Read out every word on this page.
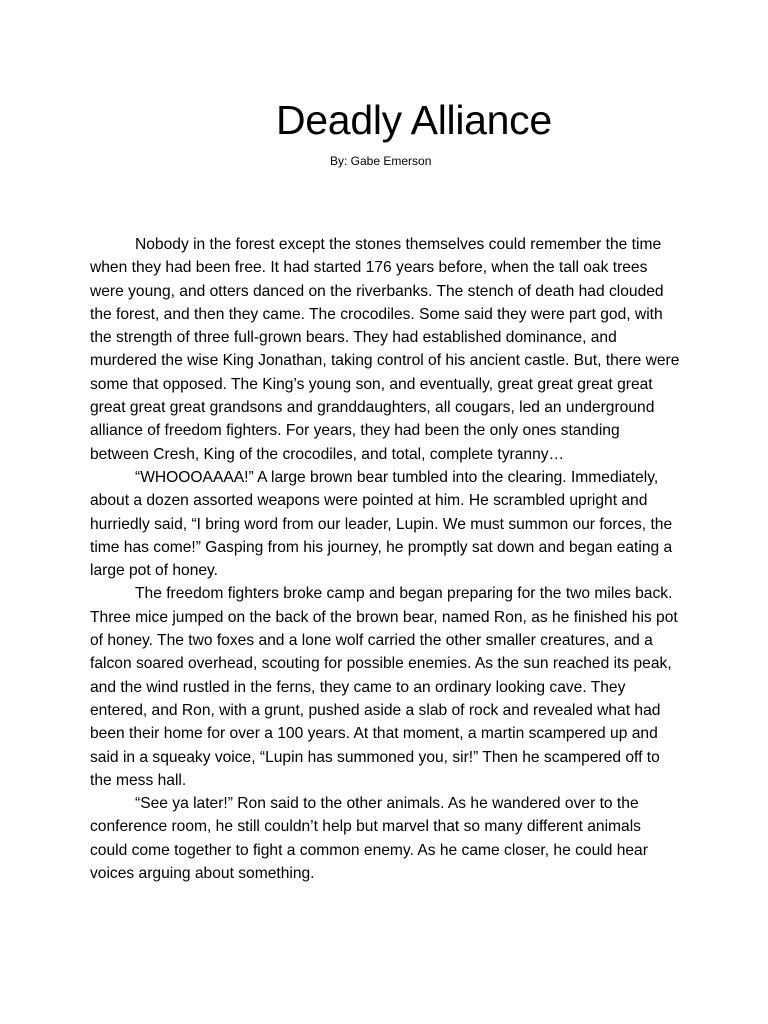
Deadly Alliance
By: Gabe Emerson

Nobody in the forest except the stones themselves could remember the time when they had been free. It had started 176 years before, when the tall oak trees were young, and otters danced on the riverbanks. The stench of death had clouded the forest, and then they came. The crocodiles. Some said they were part god, with the strength of three full-grown bears. They had established dominance, and murdered the wise King Jonathan, taking control of his ancient castle. But, there were some that opposed. The King’s young son, and eventually, great great great great great great great grandsons and granddaughters, all cougars, led an underground alliance of freedom fighters. For years, they had been the only ones standing between Cresh, King of the crocodiles, and total, complete tyranny…

“WHOOOAAAA!” A large brown bear tumbled into the clearing. Immediately, about a dozen assorted weapons were pointed at him. He scrambled upright and hurriedly said, “I bring word from our leader, Lupin. We must summon our forces, the time has come!” Gasping from his journey, he promptly sat down and began eating a large pot of honey.

The freedom fighters broke camp and began preparing for the two miles back. Three mice jumped on the back of the brown bear, named Ron, as he finished his pot of honey. The two foxes and a lone wolf carried the other smaller creatures, and a falcon soared overhead, scouting for possible enemies. As the sun reached its peak, and the wind rustled in the ferns, they came to an ordinary looking cave. They entered, and Ron, with a grunt, pushed aside a slab of rock and revealed what had been their home for over a 100 years. At that moment, a martin scampered up and said in a squeaky voice, “Lupin has summoned you, sir!” Then he scampered off to the mess hall.

“See ya later!” Ron said to the other animals. As he wandered over to the conference room, he still couldn’t help but marvel that so many different animals could come together to fight a common enemy. As he came closer, he could hear voices arguing about something.
